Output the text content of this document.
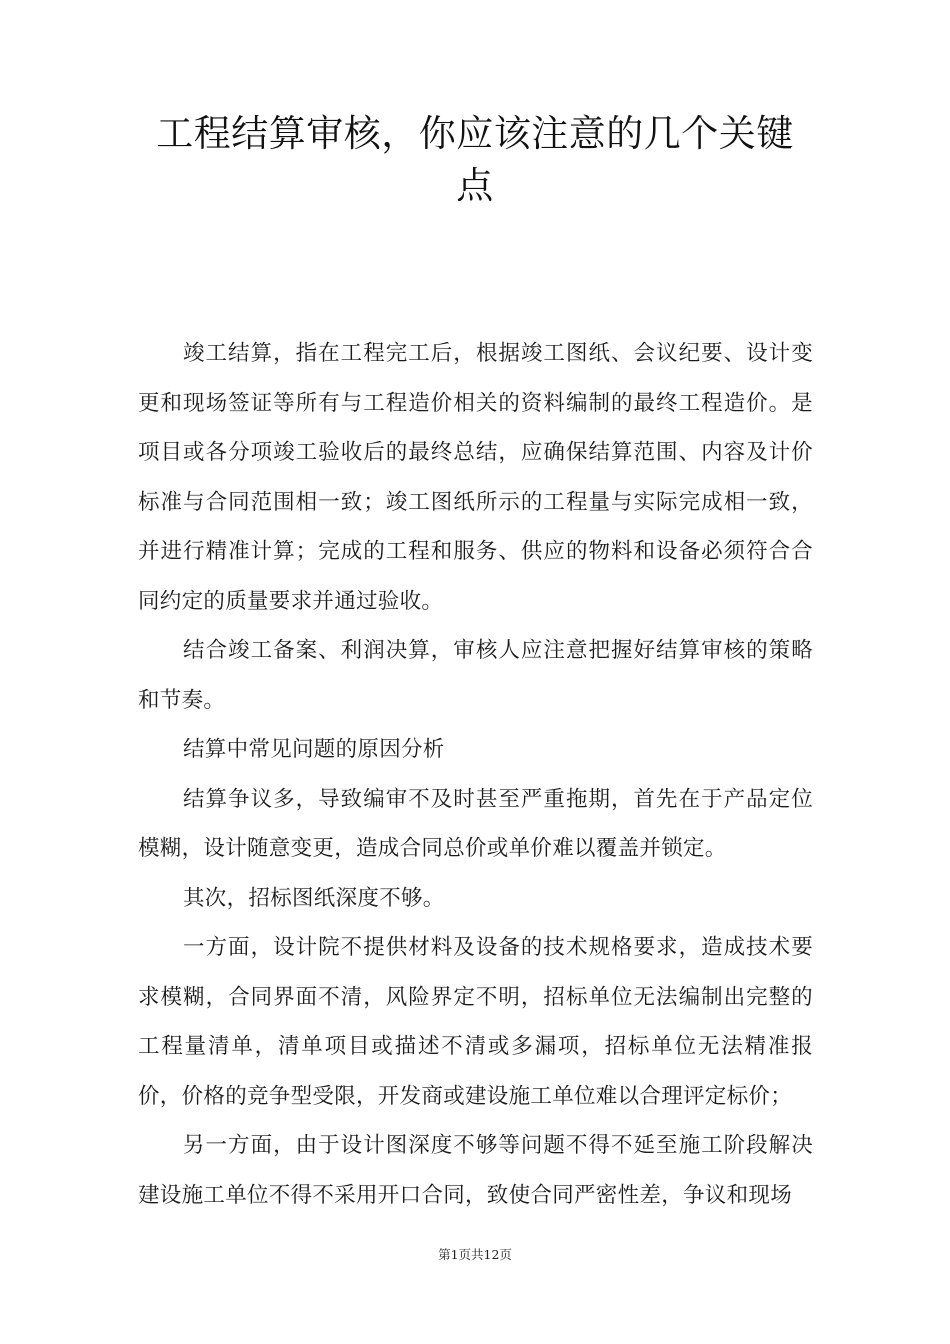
工程结算审核，你应该注意的几个关键点

竣工结算，指在工程完工后，根据竣工图纸、会议纪要、设计变更和现场签证等所有与工程造价相关的资料编制的最终工程造价。是项目或各分项竣工验收后的最终总结，应确保结算范围、内容及计价标准与合同范围相一致；竣工图纸所示的工程量与实际完成相一致，并进行精准计算；完成的工程和服务、供应的物料和设备必须符合合同约定的质量要求并通过验收。

结合竣工备案、利润决算，审核人应注意把握好结算审核的策略和节奏。

结算中常见问题的原因分析

结算争议多，导致编审不及时甚至严重拖期，首先在于产品定位模糊，设计随意变更，造成合同总价或单价难以覆盖并锁定。

其次，招标图纸深度不够。

一方面，设计院不提供材料及设备的技术规格要求，造成技术要求模糊，合同界面不清，风险界定不明，招标单位无法编制出完整的工程量清单，清单项目或描述不清或多漏项，招标单位无法精准报价，价格的竞争型受限，开发商或建设施工单位难以合理评定标价；

另一方面，由于设计图深度不够等问题不得不延至施工阶段解决建设施工单位不得不采用开口合同，致使合同严密性差，争议和现场

第1页共12页
